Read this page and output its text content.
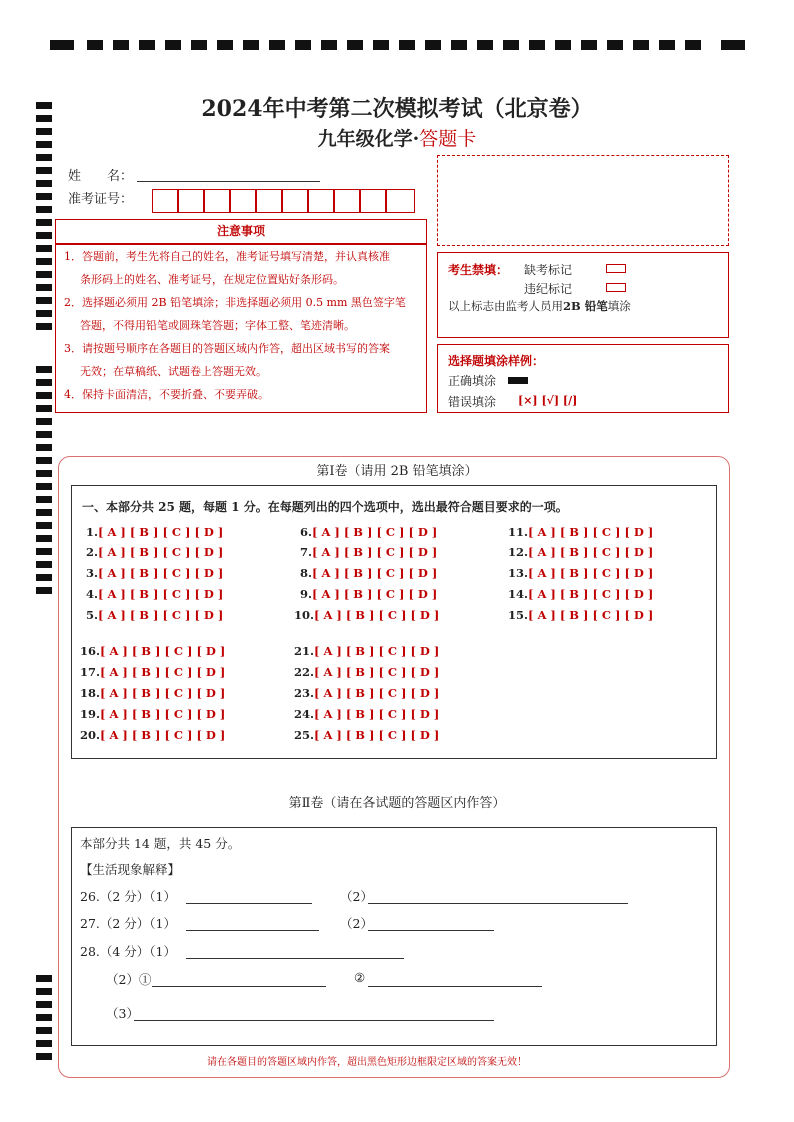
2024年中考第二次模拟考试（北京卷）
九年级化学·答题卡
姓　　名：
准考证号：
注意事项
1．答题前，考生先将自己的姓名，准考证号填写清楚，并认真核准
条形码上的姓名、准考证号，在规定位置贴好条形码。
2．选择题必须用 2B 铅笔填涂；非选择题必须用 0.5 mm 黑色签字笔
答题，不得用铅笔或圆珠笔答题；字体工整、笔迹清晰。
3．请按题号顺序在各题目的答题区域内作答，超出区域书写的答案
无效；在草稿纸、试题卷上答题无效。
4．保持卡面清洁，不要折叠、不要弄破。
考生禁填： 缺考标记
违纪标记
以上标志由监考人员用2B 铅笔填涂
选择题填涂样例：
正确填涂
错误填涂 [×] [√] [/]
第Ⅰ卷（请用 2B 铅笔填涂）
一、本部分共 25 题，每题 1 分。在每题列出的四个选项中，选出最符合题目要求的一项。
1.[ A ] [ B ] [ C ] [ D ]
2.[ A ] [ B ] [ C ] [ D ]
3.[ A ] [ B ] [ C ] [ D ]
4.[ A ] [ B ] [ C ] [ D ]
5.[ A ] [ B ] [ C ] [ D ]
6.[ A ] [ B ] [ C ] [ D ]
7.[ A ] [ B ] [ C ] [ D ]
8.[ A ] [ B ] [ C ] [ D ]
9.[ A ] [ B ] [ C ] [ D ]
10.[ A ] [ B ] [ C ] [ D ]
11.[ A ] [ B ] [ C ] [ D ]
12.[ A ] [ B ] [ C ] [ D ]
13.[ A ] [ B ] [ C ] [ D ]
14.[ A ] [ B ] [ C ] [ D ]
15.[ A ] [ B ] [ C ] [ D ]
16.[ A ] [ B ] [ C ] [ D ]
17.[ A ] [ B ] [ C ] [ D ]
18.[ A ] [ B ] [ C ] [ D ]
19.[ A ] [ B ] [ C ] [ D ]
20.[ A ] [ B ] [ C ] [ D ]
21.[ A ] [ B ] [ C ] [ D ]
22.[ A ] [ B ] [ C ] [ D ]
23.[ A ] [ B ] [ C ] [ D ]
24.[ A ] [ B ] [ C ] [ D ]
25.[ A ] [ B ] [ C ] [ D ]
第Ⅱ卷（请在各试题的答题区内作答）
本部分共 14 题，共 45 分。
【生活现象解释】
26.（2 分）（1）	（2）
27.（2 分）（1）	（2）
28.（4 分）（1）
（2）①	②
（3）
请在各题目的答题区域内作答，超出黑色矩形边框限定区域的答案无效！
